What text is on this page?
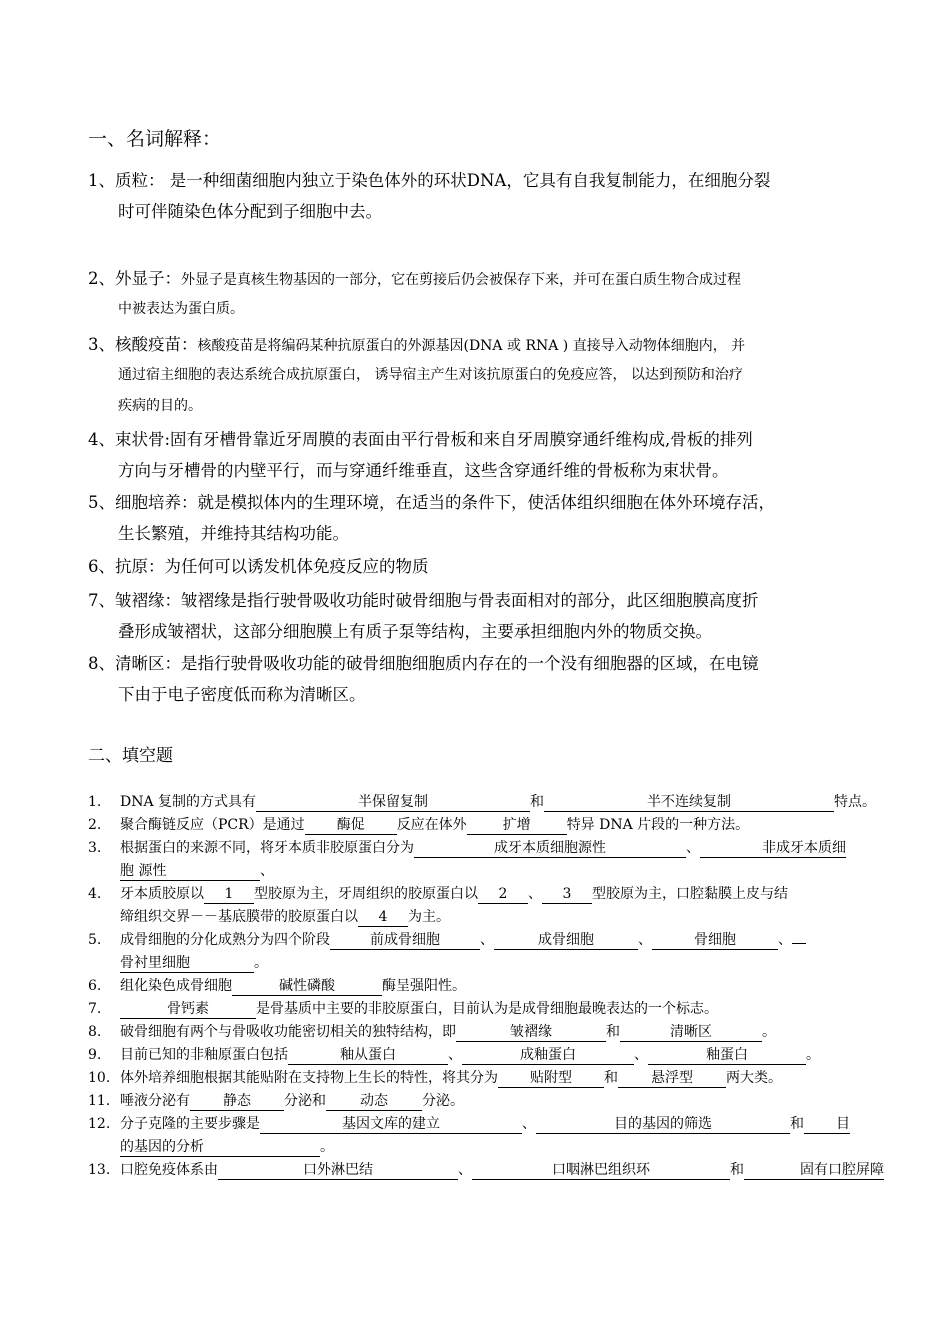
一、名词解释：
1、质粒： 是一种细菌细胞内独立于染色体外的环状DNA，它具有自我复制能力，在细胞分裂
时可伴随染色体分配到子细胞中去。
2、外显子：外显子是真核生物基因的一部分，它在剪接后仍会被保存下来，并可在蛋白质生物合成过程
中被表达为蛋白质。
3、核酸疫苗：核酸疫苗是将编码某种抗原蛋白的外源基因(DNA 或 RNA ) 直接导入动物体细胞内， 并
通过宿主细胞的表达系统合成抗原蛋白， 诱导宿主产生对该抗原蛋白的免疫应答， 以达到预防和治疗
疾病的目的。
4、束状骨:固有牙槽骨靠近牙周膜的表面由平行骨板和来自牙周膜穿通纤维构成,骨板的排列
方向与牙槽骨的内壁平行，而与穿通纤维垂直，这些含穿通纤维的骨板称为束状骨。
5、细胞培养：就是模拟体内的生理环境，在适当的条件下，使活体组织细胞在体外环境存活，
生长繁殖，并维持其结构功能。
6、抗原：为任何可以诱发机体免疫反应的物质
7、皱褶缘：皱褶缘是指行驶骨吸收功能时破骨细胞与骨表面相对的部分，此区细胞膜高度折
叠形成皱褶状，这部分细胞膜上有质子泵等结构，主要承担细胞内外的物质交换。
8、清晰区：是指行驶骨吸收功能的破骨细胞细胞质内存在的一个没有细胞器的区域，在电镜
下由于电子密度低而称为清晰区。
二、填空题
1. DNA 复制的方式具有	半保留复制	和	半不连续复制	特点。
2. 聚合酶链反应（PCR）是通过 酶促 反应在体外	扩增	特异 DNA 片段的一种方法。
3. 根据蛋白的来源不同，将牙本质非胶原蛋白分为	成牙本质细胞源性	、	非成牙本质细
胞 源性	、
4. 牙本质胶原以 1 型胶原为主，牙周组织的胶原蛋白以 2 、 3 型胶原为主，口腔黏膜上皮与结
缔组织交界－－基底膜带的胶原蛋白以 4 为主。
5. 成骨细胞的分化成熟分为四个阶段	前成骨细胞	、	成骨细胞	、	骨细胞	、
骨衬里细胞	。
6. 组化染色成骨细胞	碱性磷酸	酶呈强阳性。
7.	骨钙素	是骨基质中主要的非胶原蛋白，目前认为是成骨细胞最晚表达的一个标志。
8. 破骨细胞有两个与骨吸收功能密切相关的独特结构，即	皱褶缘	和	清晰区	。
9. 目前已知的非釉原蛋白包括	釉从蛋白	、	成釉蛋白	、	釉蛋白	。
10. 体外培养细胞根据其能贴附在支持物上生长的特性，将其分为 贴附型 和 悬浮型 两大类。
11. 唾液分泌有 静态 分泌和 动态 分泌。
12. 分子克隆的主要步骤是	基因文库的建立	、	目的基因的筛选	和 目
的基因的分析	。
13. 口腔免疫体系由	口外淋巴结	、	口咽淋巴组织环	和	固有口腔屏障
